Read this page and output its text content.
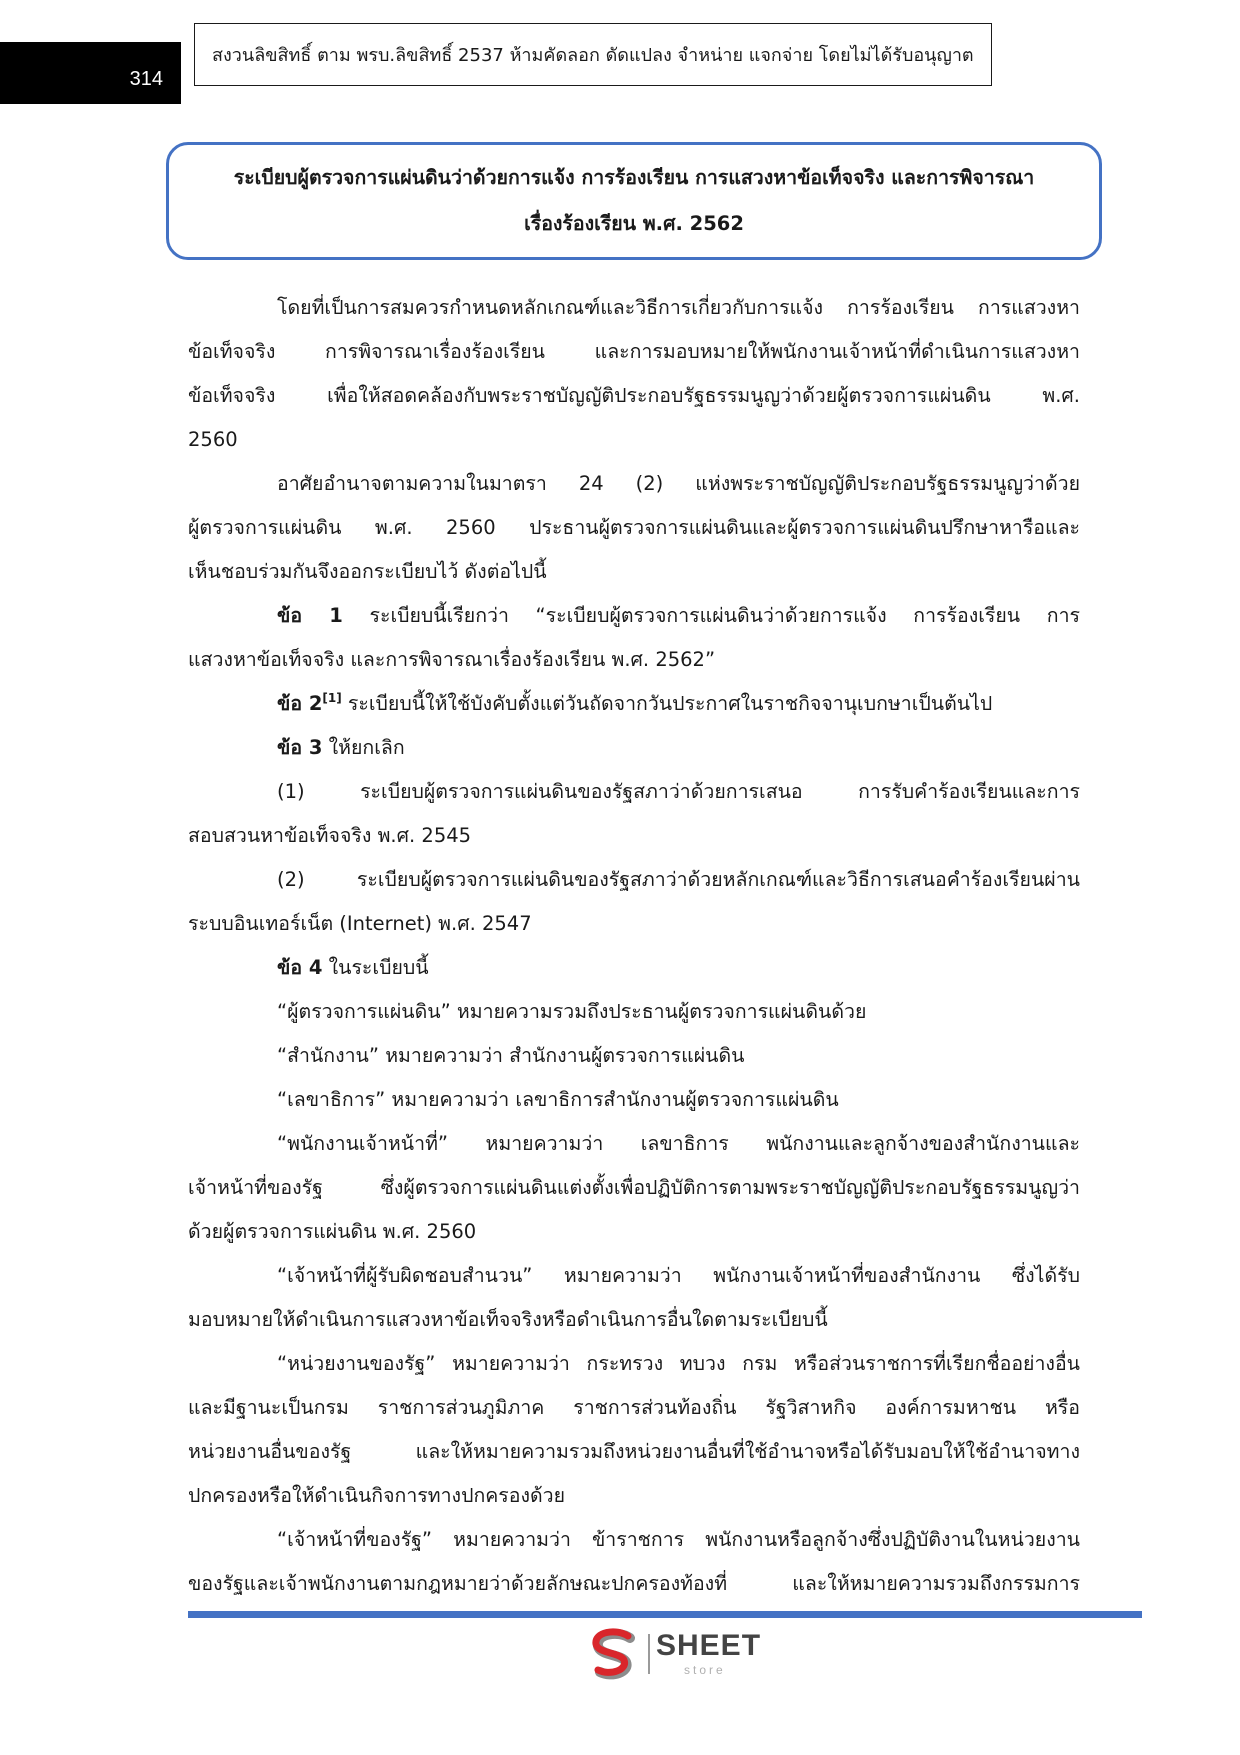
314
สงวนลิขสิทธิ์ ตาม พรบ.ลิขสิทธิ์ 2537 ห้ามคัดลอก ดัดแปลง จำหน่าย แจกจ่าย โดยไม่ได้รับอนุญาต
ระเบียบผู้ตรวจการแผ่นดินว่าด้วยการแจ้ง การร้องเรียน การแสวงหาข้อเท็จจริง และการพิจารณา
เรื่องร้องเรียน พ.ศ. 2562
โดยที่เป็นการสมควรกำหนดหลักเกณฑ์และวิธีการเกี่ยวกับการแจ้ง การร้องเรียน การแสวงหา
ข้อเท็จจริง การพิจารณาเรื่องร้องเรียน และการมอบหมายให้พนักงานเจ้าหน้าที่ดำเนินการแสวงหา
ข้อเท็จจริง เพื่อให้สอดคล้องกับพระราชบัญญัติประกอบรัฐธรรมนูญว่าด้วยผู้ตรวจการแผ่นดิน พ.ศ.
2560
อาศัยอำนาจตามความในมาตรา 24 (2) แห่งพระราชบัญญัติประกอบรัฐธรรมนูญว่าด้วย
ผู้ตรวจการแผ่นดิน พ.ศ. 2560 ประธานผู้ตรวจการแผ่นดินและผู้ตรวจการแผ่นดินปรึกษาหารือและ
เห็นชอบร่วมกันจึงออกระเบียบไว้ ดังต่อไปนี้
ข้อ 1 ระเบียบนี้เรียกว่า “ระเบียบผู้ตรวจการแผ่นดินว่าด้วยการแจ้ง การร้องเรียน การ
แสวงหาข้อเท็จจริง และการพิจารณาเรื่องร้องเรียน พ.ศ. 2562”
ข้อ 2[1] ระเบียบนี้ให้ใช้บังคับตั้งแต่วันถัดจากวันประกาศในราชกิจจานุเบกษาเป็นต้นไป
ข้อ 3 ให้ยกเลิก
(1) ระเบียบผู้ตรวจการแผ่นดินของรัฐสภาว่าด้วยการเสนอ การรับคำร้องเรียนและการ
สอบสวนหาข้อเท็จจริง พ.ศ. 2545
(2) ระเบียบผู้ตรวจการแผ่นดินของรัฐสภาว่าด้วยหลักเกณฑ์และวิธีการเสนอคำร้องเรียนผ่าน
ระบบอินเทอร์เน็ต (Internet) พ.ศ. 2547
ข้อ 4 ในระเบียบนี้
“ผู้ตรวจการแผ่นดิน” หมายความรวมถึงประธานผู้ตรวจการแผ่นดินด้วย
“สำนักงาน” หมายความว่า สำนักงานผู้ตรวจการแผ่นดิน
“เลขาธิการ” หมายความว่า เลขาธิการสำนักงานผู้ตรวจการแผ่นดิน
“พนักงานเจ้าหน้าที่” หมายความว่า เลขาธิการ พนักงานและลูกจ้างของสำนักงานและ
เจ้าหน้าที่ของรัฐ ซึ่งผู้ตรวจการแผ่นดินแต่งตั้งเพื่อปฏิบัติการตามพระราชบัญญัติประกอบรัฐธรรมนูญว่า
ด้วยผู้ตรวจการแผ่นดิน พ.ศ. 2560
“เจ้าหน้าที่ผู้รับผิดชอบสำนวน” หมายความว่า พนักงานเจ้าหน้าที่ของสำนักงาน ซึ่งได้รับ
มอบหมายให้ดำเนินการแสวงหาข้อเท็จจริงหรือดำเนินการอื่นใดตามระเบียบนี้
“หน่วยงานของรัฐ” หมายความว่า กระทรวง ทบวง กรม หรือส่วนราชการที่เรียกชื่ออย่างอื่น
และมีฐานะเป็นกรม ราชการส่วนภูมิภาค ราชการส่วนท้องถิ่น รัฐวิสาหกิจ องค์การมหาชน หรือ
หน่วยงานอื่นของรัฐ และให้หมายความรวมถึงหน่วยงานอื่นที่ใช้อำนาจหรือได้รับมอบให้ใช้อำนาจทาง
ปกครองหรือให้ดำเนินกิจการทางปกครองด้วย
“เจ้าหน้าที่ของรัฐ” หมายความว่า ข้าราชการ พนักงานหรือลูกจ้างซึ่งปฏิบัติงานในหน่วยงาน
ของรัฐและเจ้าพนักงานตามกฎหมายว่าด้วยลักษณะปกครองท้องที่ และให้หมายความรวมถึงกรรมการ
SHEET
store
